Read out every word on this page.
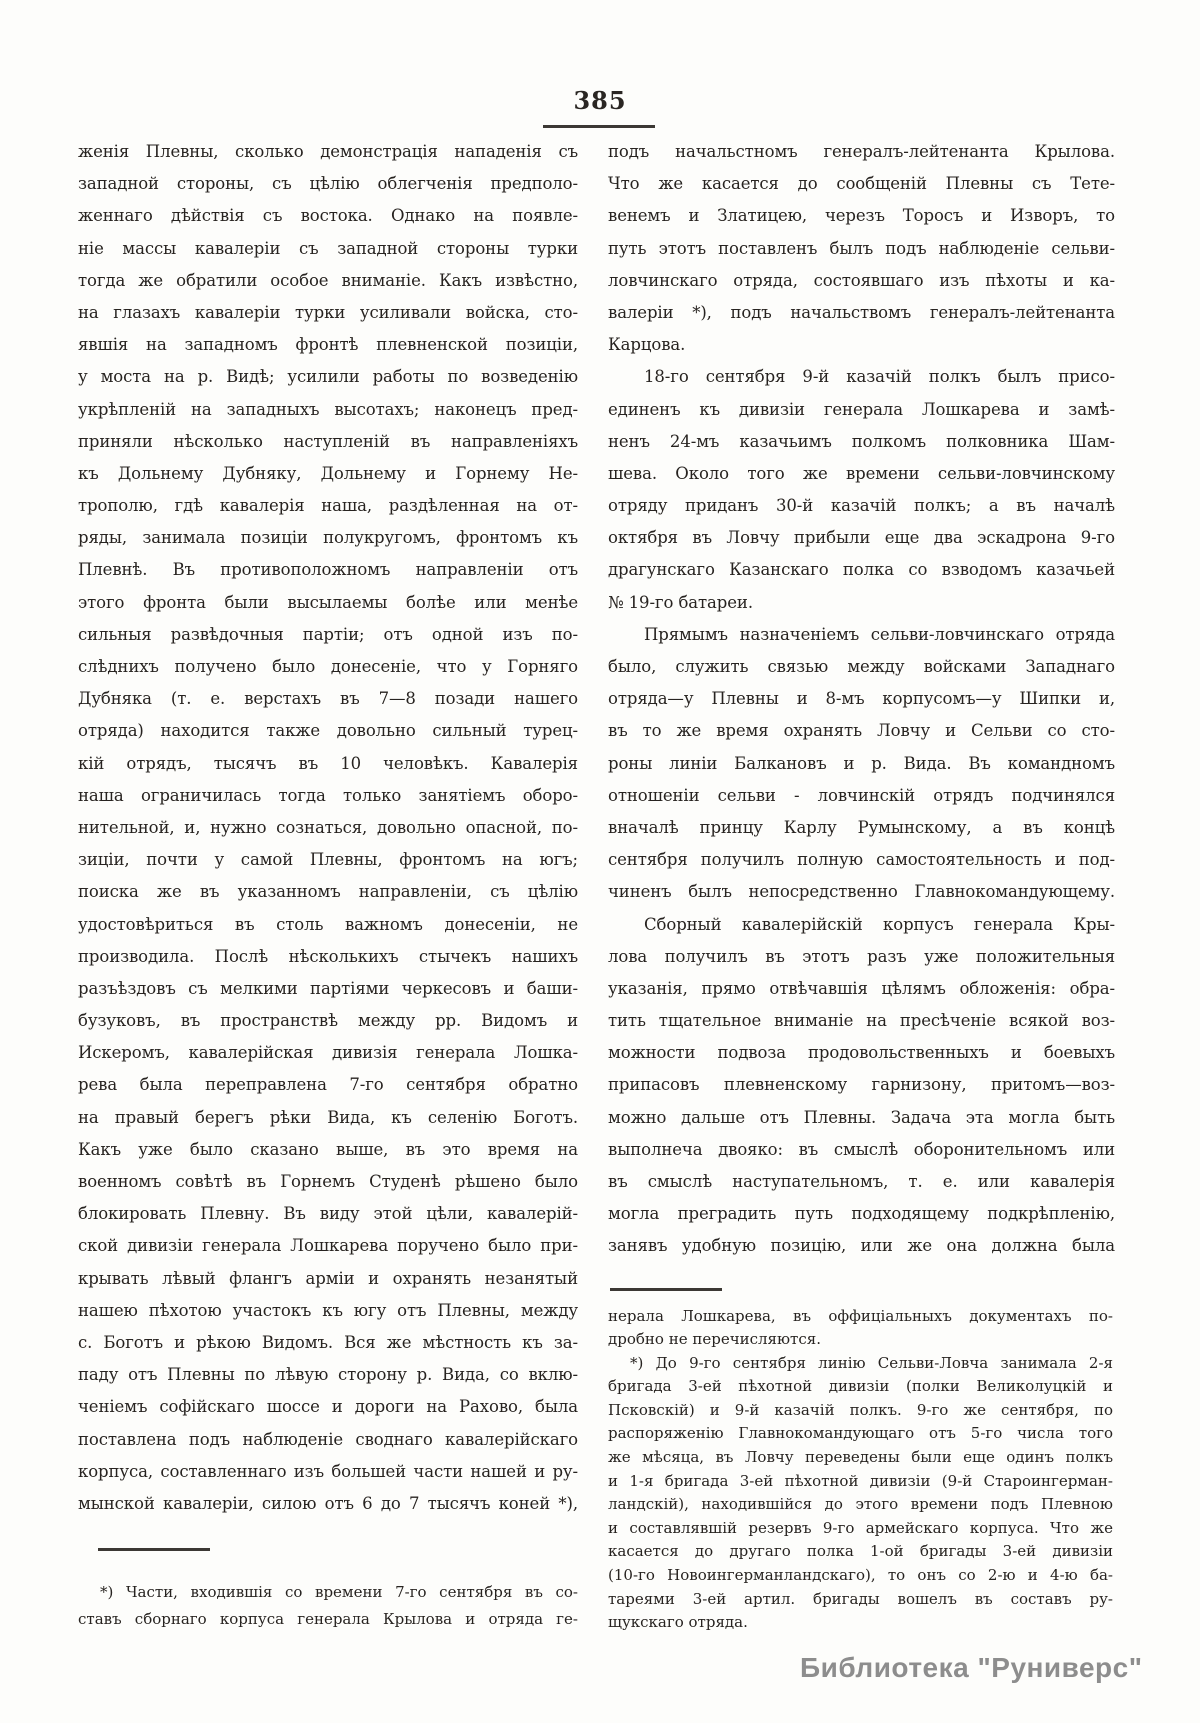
385
женія Плевны, сколько демонстрація нападенія съ
западной стороны, съ цѣлію облегченія предполо-
женнаго дѣйствія съ востока. Однако на появле-
ніе массы кавалеріи съ западной стороны турки
тогда же обратили особое вниманіе. Какъ извѣстно,
на глазахъ кавалеріи турки усиливали войска, сто-
явшія на западномъ фронтѣ плевненской позиціи,
у моста на р. Видѣ; усилили работы по возведенію
укрѣпленій на западныхъ высотахъ; наконецъ пред-
приняли нѣсколько наступленій въ направленіяхъ
къ Дольнему Дубняку, Дольнему и Горнему Не-
трополю, гдѣ кавалерія наша, раздѣленная на от-
ряды, занимала позиціи полукругомъ, фронтомъ къ
Плевнѣ. Въ противоположномъ направленіи отъ
этого фронта были высылаемы болѣе или менѣе
сильныя развѣдочныя партіи; отъ одной изъ по-
слѣднихъ получено было донесеніе, что у Горняго
Дубняка (т. е. верстахъ въ 7—8 позади нашего
отряда) находится также довольно сильный турец-
кій отрядъ, тысячъ въ 10 человѣкъ. Кавалерія
наша ограничилась тогда только занятіемъ оборо-
нительной, и, нужно сознаться, довольно опасной, по-
зиціи, почти у самой Плевны, фронтомъ на югъ;
поиска же въ указанномъ направленіи, съ цѣлію
удостовѣриться въ столь важномъ донесеніи, не
производила. Послѣ нѣсколькихъ стычекъ нашихъ
разъѣздовъ съ мелкими партіями черкесовъ и баши-
бузуковъ, въ пространствѣ между рр. Видомъ и
Искеромъ, кавалерійская дивизія генерала Лошка-
рева была переправлена 7-го сентября обратно
на правый берегъ рѣки Вида, къ селенію Боготъ.
Какъ уже было сказано выше, въ это время на
военномъ совѣтѣ въ Горнемъ Студенѣ рѣшено было
блокировать Плевну. Въ виду этой цѣли, кавалерій-
ской дивизіи генерала Лошкарева поручено было при-
крывать лѣвый флангъ арміи и охранять незанятый
нашею пѣхотою участокъ къ югу отъ Плевны, между
с. Боготъ и рѣкою Видомъ. Вся же мѣстность къ за-
паду отъ Плевны по лѣвую сторону р. Вида, со вклю-
ченіемъ софійскаго шоссе и дороги на Рахово, была
поставлена подъ наблюденіе своднаго кавалерійскаго
корпуса, составленнаго изъ большей части нашей и ру-
мынской кавалеріи, силою отъ 6 до 7 тысячъ коней *),
подъ начальстномъ генералъ-лейтенанта Крылова.
Что же касается до сообщеній Плевны съ Тете-
венемъ и Златицею, черезъ Торосъ и Изворъ, то
путь этотъ поставленъ былъ подъ наблюденіе сельви-
ловчинскаго отряда, состоявшаго изъ пѣхоты и ка-
валеріи *), подъ начальствомъ генералъ-лейтенанта
Карцова.
18-го сентября 9-й казачій полкъ былъ присо-
единенъ къ дивизіи генерала Лошкарева и замѣ-
ненъ 24-мъ казачьимъ полкомъ полковника Шам-
шева. Около того же времени сельви-ловчинскому
отряду приданъ 30-й казачій полкъ; а въ началѣ
октября въ Ловчу прибыли еще два эскадрона 9-го
драгунскаго Казанскаго полка со взводомъ казачьей
№ 19-го батареи.
Прямымъ назначеніемъ сельви-ловчинскаго отряда
было, служить связью между войсками Западнаго
отряда—у Плевны и 8-мъ корпусомъ—у Шипки и,
въ то же время охранять Ловчу и Сельви со сто-
роны линіи Балкановъ и р. Вида. Въ командномъ
отношеніи сельви - ловчинскій отрядъ подчинялся
вначалѣ принцу Карлу Румынскому, а въ концѣ
сентября получилъ полную самостоятельность и под-
чиненъ былъ непосредственно Главнокомандующему.
Сборный кавалерійскій корпусъ генерала Кры-
лова получилъ въ этотъ разъ уже положительныя
указанія, прямо отвѣчавшія цѣлямъ обложенія: обра-
тить тщательное вниманіе на пресѣченіе всякой воз-
можности подвоза продовольственныхъ и боевыхъ
припасовъ плевненскому гарнизону, притомъ—воз-
можно дальше отъ Плевны. Задача эта могла быть
выполнеча двояко: въ смыслѣ оборонительномъ или
въ смыслѣ наступательномъ, т. е. или кавалерія
могла преградить путь подходящему подкрѣпленію,
занявъ удобную позицію, или же она должна была
*) Части, входившія со времени 7-го сентября въ со-
ставъ сборнаго корпуса генерала Крылова и отряда ге-
нерала Лошкарева, въ оффиціальныхъ документахъ по-
дробно не перечисляются.
*) До 9-го сентября линію Сельви-Ловча занимала 2-я
бригада 3-ей пѣхотной дивизіи (полки Великолуцкій и
Псковскій) и 9-й казачій полкъ. 9-го же сентября, по
распоряженію Главнокомандующаго отъ 5-го числа того
же мѣсяца, въ Ловчу переведены были еще одинъ полкъ
и 1-я бригада 3-ей пѣхотной дивизіи (9-й Староингерман-
ландскій), находившійся до этого времени подъ Плевною
и составлявшій резервъ 9-го армейскаго корпуса. Что же
касается до другаго полка 1-ой бригады 3-ей дивизіи
(10-го Новоингерманландскаго), то онъ со 2-ю и 4-ю ба-
тареями 3-ей артил. бригады вошелъ въ составъ ру-
щукскаго отряда.
Библиотека "Руниверс"
